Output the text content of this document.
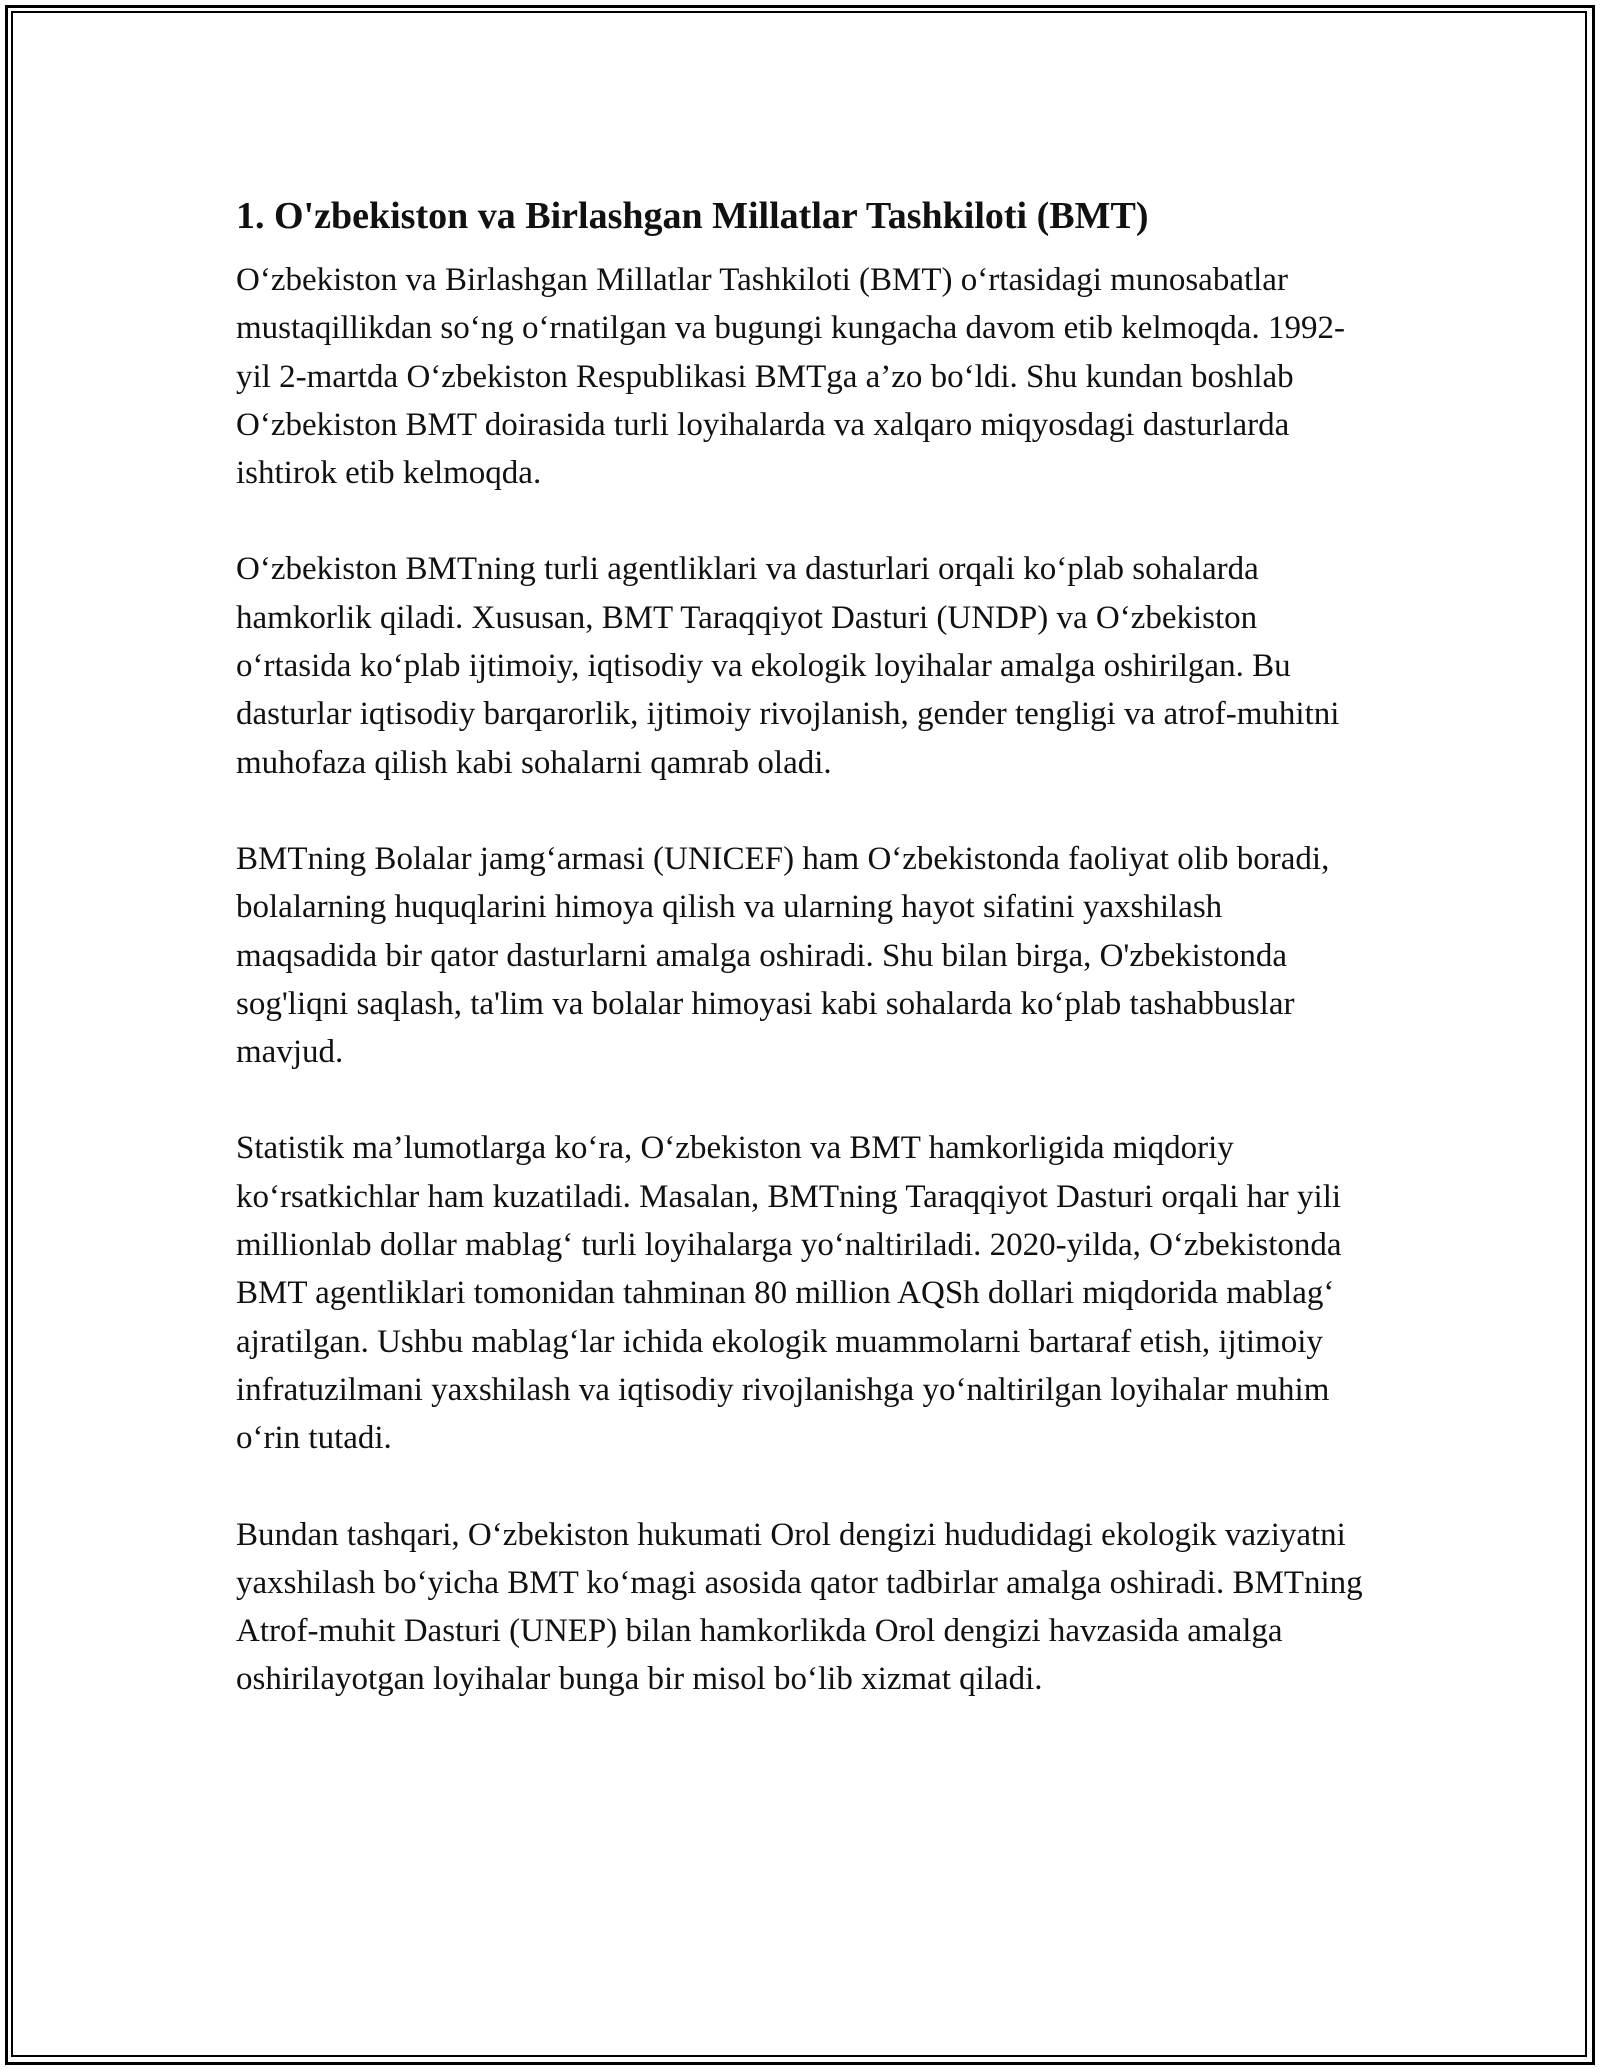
1. O'zbekiston va Birlashgan Millatlar Tashkiloti (BMT)

O‘zbekiston va Birlashgan Millatlar Tashkiloti (BMT) o‘rtasidagi munosabatlar mustaqillikdan so‘ng o‘rnatilgan va bugungi kungacha davom etib kelmoqda. 1992-yil 2-martda O‘zbekiston Respublikasi BMTga a’zo bo‘ldi. Shu kundan boshlab O‘zbekiston BMT doirasida turli loyihalarda va xalqaro miqyosdagi dasturlarda ishtirok etib kelmoqda.

O‘zbekiston BMTning turli agentliklari va dasturlari orqali ko‘plab sohalarda hamkorlik qiladi. Xususan, BMT Taraqqiyot Dasturi (UNDP) va O‘zbekiston o‘rtasida ko‘plab ijtimoiy, iqtisodiy va ekologik loyihalar amalga oshirilgan. Bu dasturlar iqtisodiy barqarorlik, ijtimoiy rivojlanish, gender tengligi va atrof-muhitni muhofaza qilish kabi sohalarni qamrab oladi.

BMTning Bolalar jamg‘armasi (UNICEF) ham O‘zbekistonda faoliyat olib boradi, bolalarning huquqlarini himoya qilish va ularning hayot sifatini yaxshilash maqsadida bir qator dasturlarni amalga oshiradi. Shu bilan birga, O'zbekistonda sog'liqni saqlash, ta'lim va bolalar himoyasi kabi sohalarda ko‘plab tashabbuslar mavjud.

Statistik ma’lumotlarga ko‘ra, O‘zbekiston va BMT hamkorligida miqdoriy ko‘rsatkichlar ham kuzatiladi. Masalan, BMTning Taraqqiyot Dasturi orqali har yili millionlab dollar mablag‘ turli loyihalarga yo‘naltiriladi. 2020-yilda, O‘zbekistonda BMT agentliklari tomonidan tahminan 80 million AQSh dollari miqdorida mablag‘ ajratilgan. Ushbu mablag‘lar ichida ekologik muammolarni bartaraf etish, ijtimoiy infratuzilmani yaxshilash va iqtisodiy rivojlanishga yo‘naltirilgan loyihalar muhim o‘rin tutadi.

Bundan tashqari, O‘zbekiston hukumati Orol dengizi hududidagi ekologik vaziyatni yaxshilash bo‘yicha BMT ko‘magi asosida qator tadbirlar amalga oshiradi. BMTning Atrof-muhit Dasturi (UNEP) bilan hamkorlikda Orol dengizi havzasida amalga oshirilayotgan loyihalar bunga bir misol bo‘lib xizmat qiladi.
